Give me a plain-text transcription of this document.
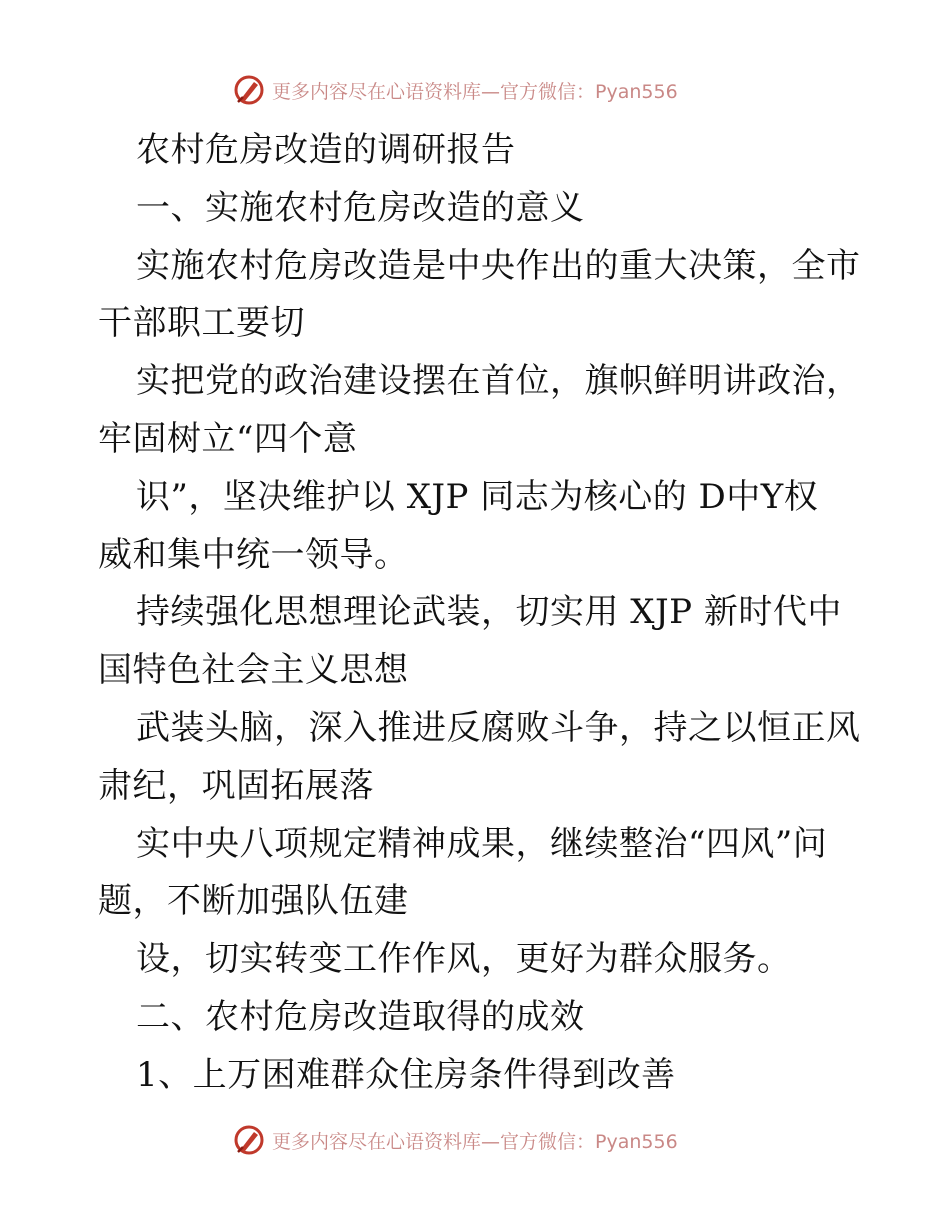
更多内容尽在心语资料库—官方微信：Pyan556
农村危房改造的调研报告
一、实施农村危房改造的意义
实施农村危房改造是中央作出的重大决策，全市
干部职工要切
实把党的政治建设摆在首位，旗帜鲜明讲政治，
牢固树立“四个意
识”，坚决维护以 XJP 同志为核心的 D中Y权
威和集中统一领导。
持续强化思想理论武装，切实用 XJP 新时代中
国特色社会主义思想
武装头脑，深入推进反腐败斗争，持之以恒正风
肃纪，巩固拓展落
实中央八项规定精神成果，继续整治“四风”问
题，不断加强队伍建
设，切实转变工作作风，更好为群众服务。
二、农村危房改造取得的成效
1、上万困难群众住房条件得到改善
更多内容尽在心语资料库—官方微信：Pyan556
